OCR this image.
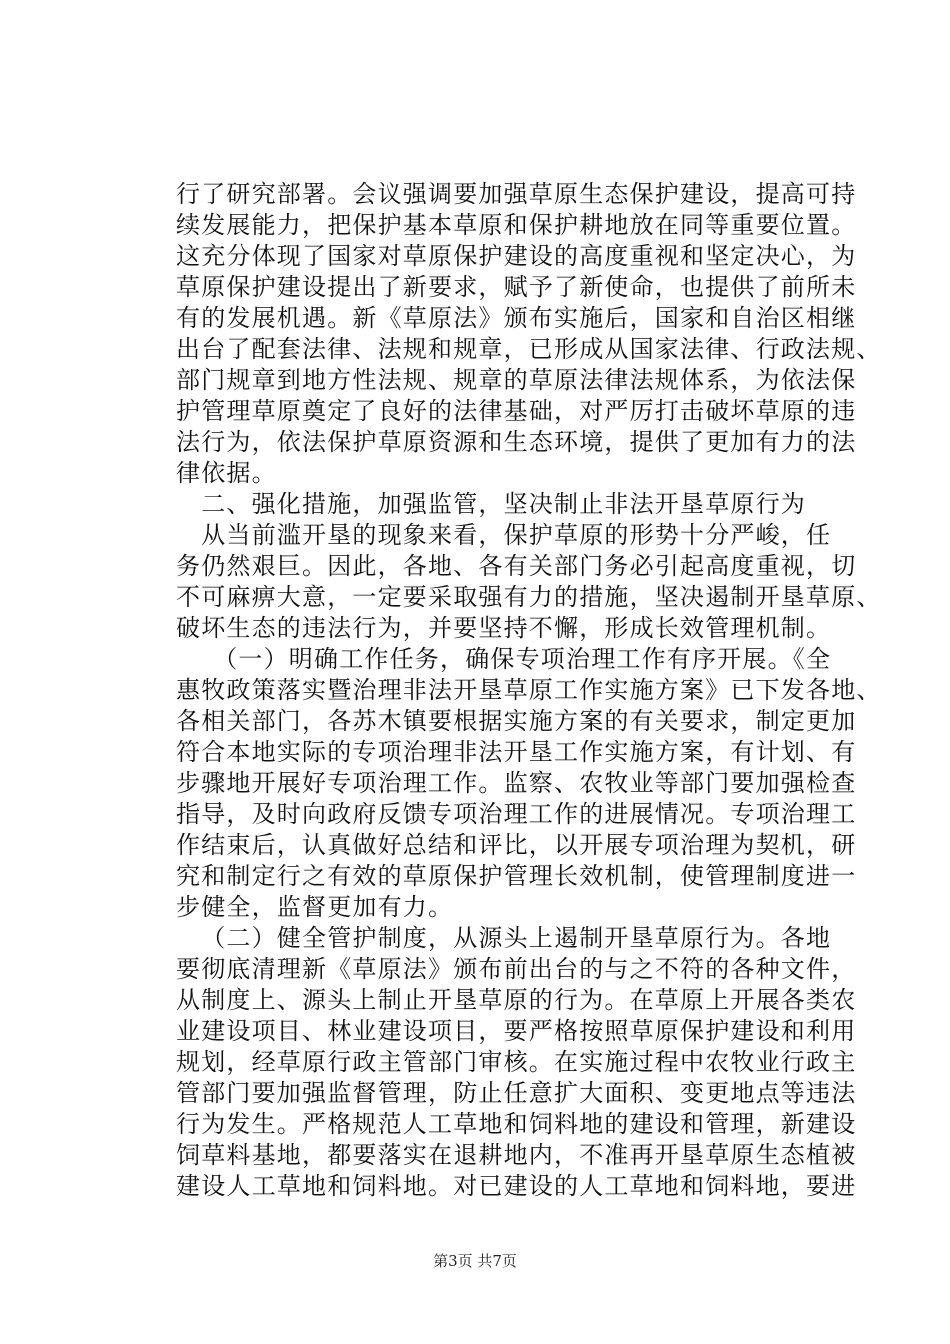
行了研究部署。会议强调要加强草原生态保护建设，提高可持
续发展能力，把保护基本草原和保护耕地放在同等重要位置。
这充分体现了国家对草原保护建设的高度重视和坚定决心，为
草原保护建设提出了新要求，赋予了新使命，也提供了前所未
有的发展机遇。新《草原法》颁布实施后，国家和自治区相继
出台了配套法律、法规和规章，已形成从国家法律、行政法规、
部门规章到地方性法规、规章的草原法律法规体系，为依法保
护管理草原奠定了良好的法律基础，对严厉打击破坏草原的违
法行为，依法保护草原资源和生态环境，提供了更加有力的法
律依据。
　二、强化措施，加强监管，坚决制止非法开垦草原行为
　从当前滥开垦的现象来看，保护草原的形势十分严峻，任
务仍然艰巨。因此，各地、各有关部门务必引起高度重视，切
不可麻痹大意，一定要采取强有力的措施，坚决遏制开垦草原、
破坏生态的违法行为，并要坚持不懈，形成长效管理机制。
　（一）明确工作任务，确保专项治理工作有序开展。《全
惠牧政策落实暨治理非法开垦草原工作实施方案》已下发各地、
各相关部门，各苏木镇要根据实施方案的有关要求，制定更加
符合本地实际的专项治理非法开垦工作实施方案，有计划、有
步骤地开展好专项治理工作。监察、农牧业等部门要加强检查
指导，及时向政府反馈专项治理工作的进展情况。专项治理工
作结束后，认真做好总结和评比，以开展专项治理为契机，研
究和制定行之有效的草原保护管理长效机制，使管理制度进一
步健全，监督更加有力。
　（二）健全管护制度，从源头上遏制开垦草原行为。各地
要彻底清理新《草原法》颁布前出台的与之不符的各种文件，
从制度上、源头上制止开垦草原的行为。在草原上开展各类农
业建设项目、林业建设项目，要严格按照草原保护建设和利用
规划，经草原行政主管部门审核。在实施过程中农牧业行政主
管部门要加强监督管理，防止任意扩大面积、变更地点等违法
行为发生。严格规范人工草地和饲料地的建设和管理，新建设
饲草料基地，都要落实在退耕地内，不准再开垦草原生态植被
建设人工草地和饲料地。对已建设的人工草地和饲料地，要进
第3页 共7页
